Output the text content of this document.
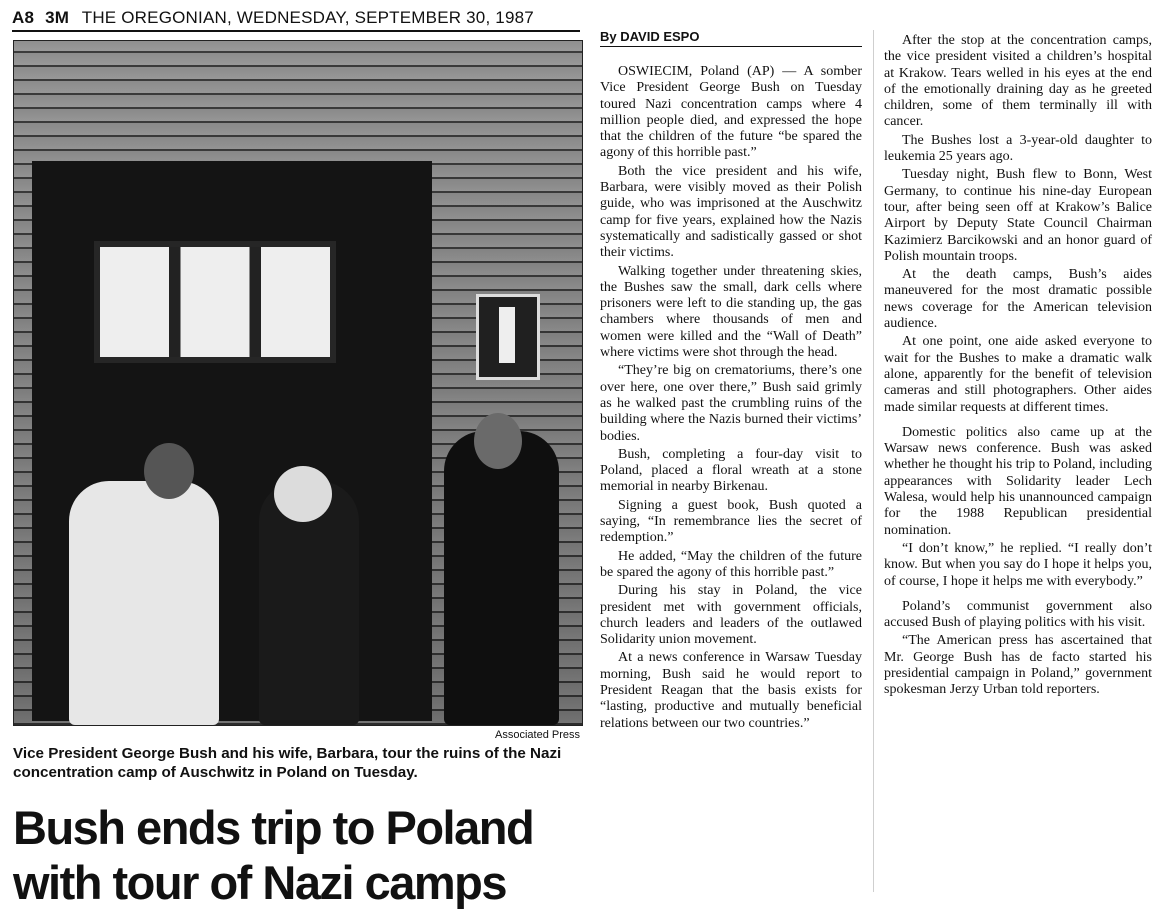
A8 3M THE OREGONIAN, WEDNESDAY, SEPTEMBER 30, 1987
Associated Press
Vice President George Bush and his wife, Barbara, tour the ruins of the Nazi concentration camp of Auschwitz in Poland on Tuesday.
Bush ends trip to Poland with tour of Nazi camps
By DAVID ESPO

OSWIECIM, Poland (AP) — A somber Vice President George Bush on Tuesday toured Nazi concentration camps where 4 million people died, and expressed the hope that the children of the future “be spared the agony of this horrible past.”

Both the vice president and his wife, Barbara, were visibly moved as their Polish guide, who was imprisoned at the Auschwitz camp for five years, explained how the Nazis systematically and sadistically gassed or shot their victims.

Walking together under threatening skies, the Bushes saw the small, dark cells where prisoners were left to die standing up, the gas chambers where thousands of men and women were killed and the “Wall of Death” where victims were shot through the head.

“They’re big on crematoriums, there’s one over here, one over there,” Bush said grimly as he walked past the crumbling ruins of the building where the Nazis burned their victims’ bodies.

Bush, completing a four-day visit to Poland, placed a floral wreath at a stone memorial in nearby Birkenau.

Signing a guest book, Bush quoted a saying, “In remembrance lies the secret of redemption.”

He added, “May the children of the future be spared the agony of this horrible past.”

During his stay in Poland, the vice president met with government officials, church leaders and leaders of the outlawed Solidarity union movement.

At a news conference in Warsaw Tuesday morning, Bush said he would report to President Reagan that the basis exists for “lasting, productive and mutually beneficial relations between our two countries.”

After the stop at the concentration camps, the vice president visited a children’s hospital at Krakow. Tears welled in his eyes at the end of the emotionally draining day as he greeted children, some of them terminally ill with cancer.

The Bushes lost a 3-year-old daughter to leukemia 25 years ago.

Tuesday night, Bush flew to Bonn, West Germany, to continue his nine-day European tour, after being seen off at Krakow’s Balice Airport by Deputy State Council Chairman Kazimierz Barcikowski and an honor guard of Polish mountain troops.

At the death camps, Bush’s aides maneuvered for the most dramatic possible news coverage for the American television audience.

At one point, one aide asked everyone to wait for the Bushes to make a dramatic walk alone, apparently for the benefit of television cameras and still photographers. Other aides made similar requests at different times.

Domestic politics also came up at the Warsaw news conference. Bush was asked whether he thought his trip to Poland, including appearances with Solidarity leader Lech Walesa, would help his unannounced campaign for the 1988 Republican presidential nomination.

“I don’t know,” he replied. “I really don’t know. But when you say do I hope it helps you, of course, I hope it helps me with everybody.”

Poland’s communist government also accused Bush of playing politics with his visit.

“The American press has ascertained that Mr. George Bush has de facto started his presidential campaign in Poland,” government spokesman Jerzy Urban told reporters.
